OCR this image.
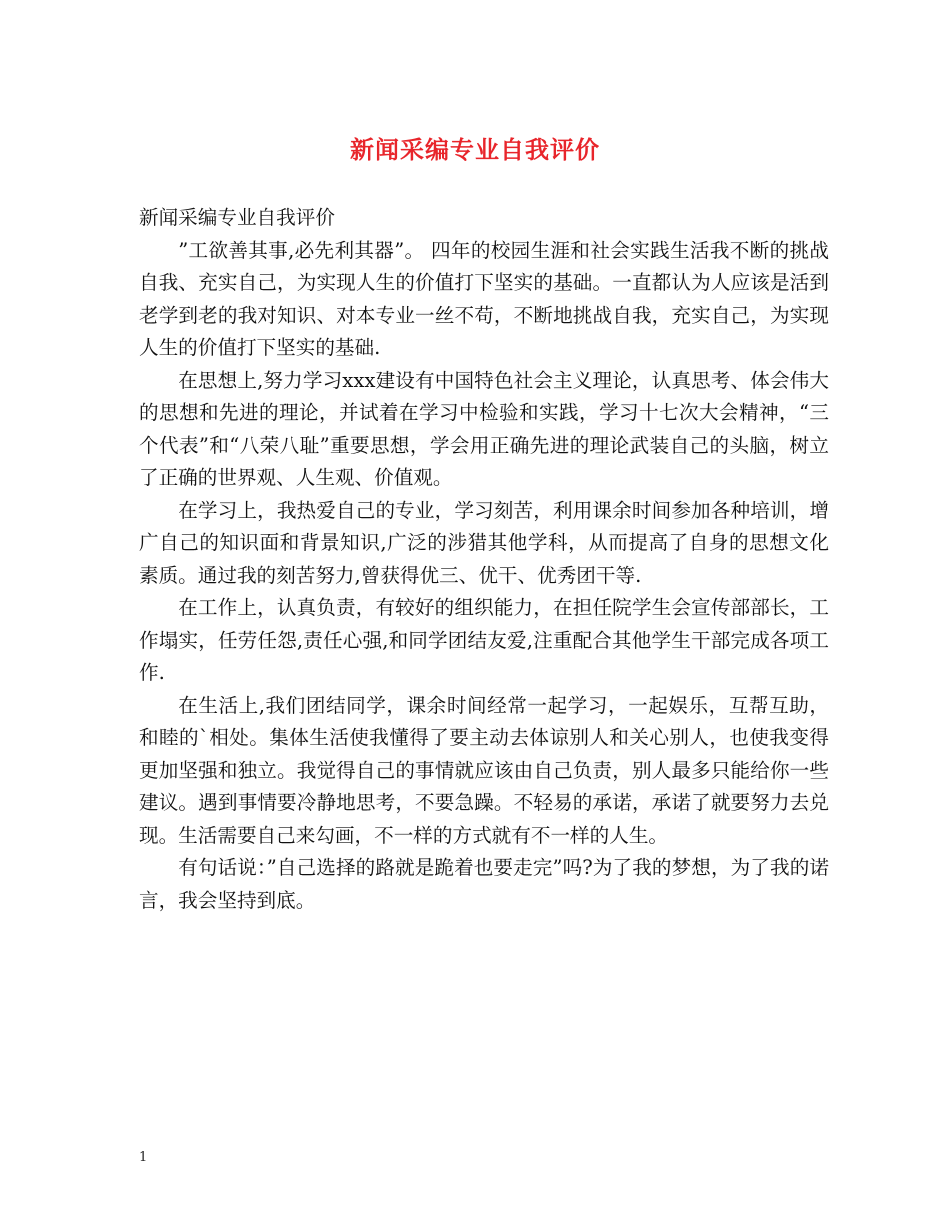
新闻采编专业自我评价

新闻采编专业自我评价

”工欲善其事,必先利其器”。 四年的校园生涯和社会实践生活我不断的挑战自我、充实自己，为实现人生的价值打下坚实的基础。一直都认为人应该是活到老学到老的我对知识、对本专业一丝不苟，不断地挑战自我，充实自己，为实现人生的价值打下坚实的基础.

在思想上,努力学习xxx建设有中国特色社会主义理论，认真思考、体会伟大的思想和先进的理论，并试着在学习中检验和实践，学习十七次大会精神，“三个代表”和“八荣八耻”重要思想，学会用正确先进的理论武装自己的头脑，树立了正确的世界观、人生观、价值观。

在学习上，我热爱自己的专业，学习刻苦，利用课余时间参加各种培训，增广自己的知识面和背景知识,广泛的涉猎其他学科，从而提高了自身的思想文化素质。通过我的刻苦努力,曾获得优三、优干、优秀团干等.

在工作上，认真负责，有较好的组织能力，在担任院学生会宣传部部长，工作塌实，任劳任怨,责任心强,和同学团结友爱,注重配合其他学生干部完成各项工作.

在生活上,我们团结同学，课余时间经常一起学习，一起娱乐，互帮互助，和睦的`相处。集体生活使我懂得了要主动去体谅别人和关心别人，也使我变得更加坚强和独立。我觉得自己的事情就应该由自己负责，别人最多只能给你一些建议。遇到事情要冷静地思考，不要急躁。不轻易的承诺，承诺了就要努力去兑现。生活需要自己来勾画，不一样的方式就有不一样的人生。

有句话说：”自己选择的路就是跪着也要走完”吗?为了我的梦想，为了我的诺言，我会坚持到底。

1
